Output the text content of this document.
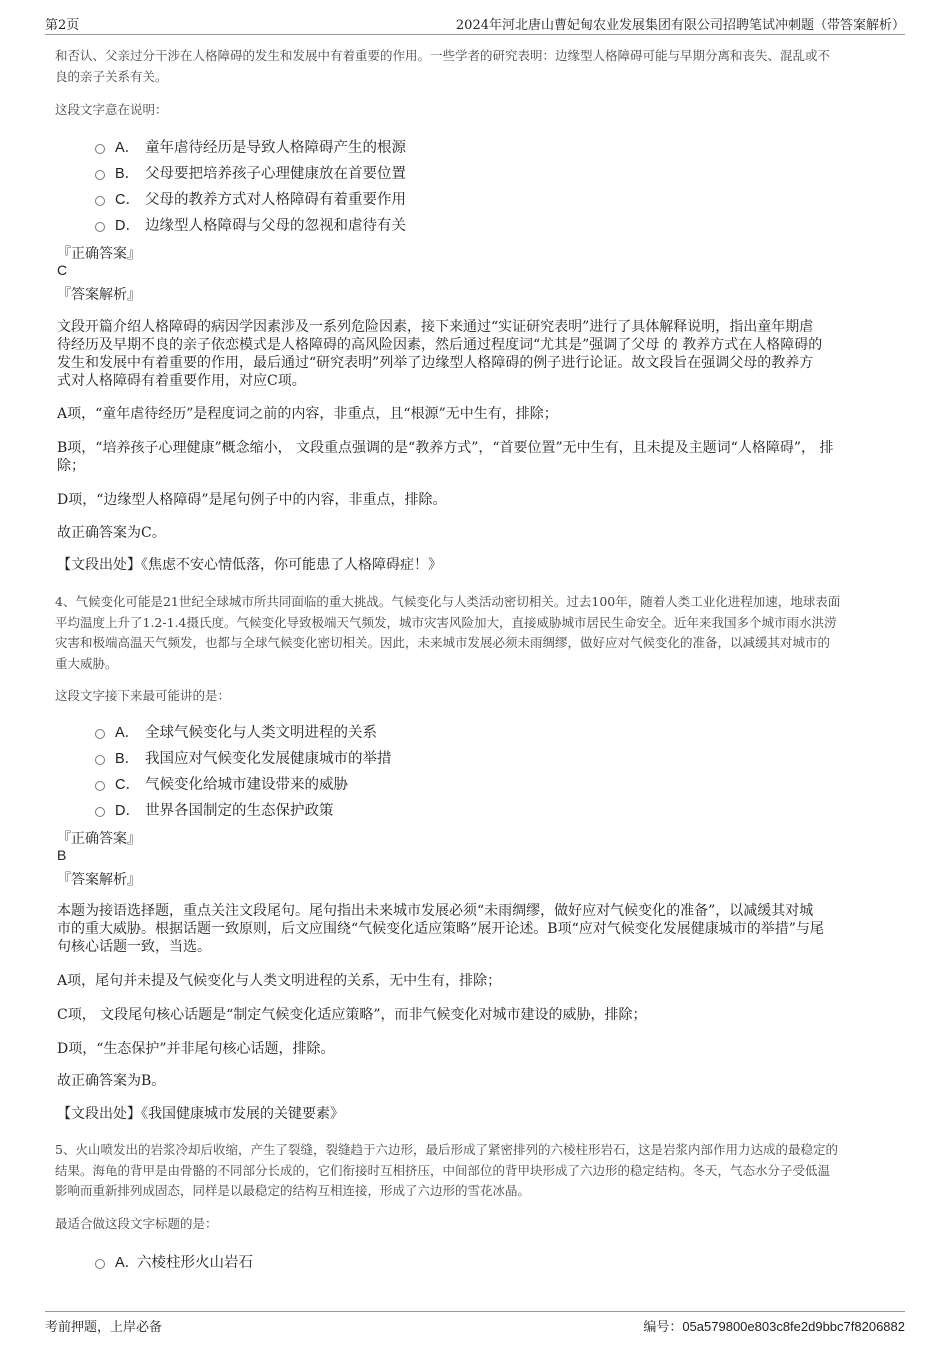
第2页	2024年河北唐山曹妃甸农业发展集团有限公司招聘笔试冲刺题（带答案解析）
和否认、父亲过分干涉在人格障碍的发生和发展中有着重要的作用。一些学者的研究表明：边缘型人格障碍可能与早期分离和丧失、混乱或不
良的亲子关系有关。
这段文字意在说明：
A． 童年虐待经历是导致人格障碍产生的根源
B． 父母要把培养孩子心理健康放在首要位置
C． 父母的教养方式对人格障碍有着重要作用
D． 边缘型人格障碍与父母的忽视和虐待有关
『正确答案』
C
『答案解析』
文段开篇介绍人格障碍的病因学因素涉及一系列危险因素，接下来通过“实证研究表明”进行了具体解释说明，指出童年期虐
待经历及早期不良的亲子依恋模式是人格障碍的高风险因素，然后通过程度词“尤其是”强调了父母 的 教养方式在人格障碍的
发生和发展中有着重要的作用，最后通过“研究表明”列举了边缘型人格障碍的例子进行论证。故文段旨在强调父母的教养方
式对人格障碍有着重要作用，对应C项。
A项，“童年虐待经历”是程度词之前的内容，非重点，且“根源”无中生有，排除；
B项，“培养孩子心理健康”概念缩小， 文段重点强调的是“教养方式”，“首要位置”无中生有，且未提及主题词“人格障碍”， 排
除；
D项，“边缘型人格障碍”是尾句例子中的内容，非重点，排除。
故正确答案为C。
【文段出处】《焦虑不安心情低落，你可能患了人格障碍症！》
4、气候变化可能是21世纪全球城市所共同面临的重大挑战。气候变化与人类活动密切相关。过去100年，随着人类工业化进程加速，地球表面
平均温度上升了1.2-1.4摄氏度。气候变化导致极端天气频发，城市灾害风险加大，直接威胁城市居民生命安全。近年来我国多个城市雨水洪涝
灾害和极端高温天气频发，也都与全球气候变化密切相关。因此，未来城市发展必须未雨绸缪，做好应对气候变化的准备，以减缓其对城市的
重大威胁。
这段文字接下来最可能讲的是：
A． 全球气候变化与人类文明进程的关系
B． 我国应对气候变化发展健康城市的举措
C． 气候变化给城市建设带来的威胁
D． 世界各国制定的生态保护政策
『正确答案』
B
『答案解析』
本题为接语选择题，重点关注文段尾句。尾句指出未来城市发展必须“未雨绸缪，做好应对气候变化的准备”，以减缓其对城
市的重大威胁。根据话题一致原则，后文应围绕“气候变化适应策略”展开论述。B项“应对气候变化发展健康城市的举措”与尾
句核心话题一致，当选。
A项，尾句并未提及气候变化与人类文明进程的关系，无中生有，排除；
C项， 文段尾句核心话题是“制定气候变化适应策略”，而非气候变化对城市建设的威胁，排除；
D项，“生态保护”并非尾句核心话题，排除。
故正确答案为B。
【文段出处】《我国健康城市发展的关键要素》
5、火山喷发出的岩浆冷却后收缩，产生了裂缝，裂缝趋于六边形，最后形成了紧密排列的六棱柱形岩石，这是岩浆内部作用力达成的最稳定的
结果。海龟的背甲是由骨骼的不同部分长成的，它们衔接时互相挤压，中间部位的背甲块形成了六边形的稳定结构。冬天，气态水分子受低温
影响而重新排列成固态，同样是以最稳定的结构互相连接，形成了六边形的雪花冰晶。
最适合做这段文字标题的是：
A．
六棱柱形火山岩石
考前押题，上岸必备	编号：05a579800e803c8fe2d9bbc7f8206882
